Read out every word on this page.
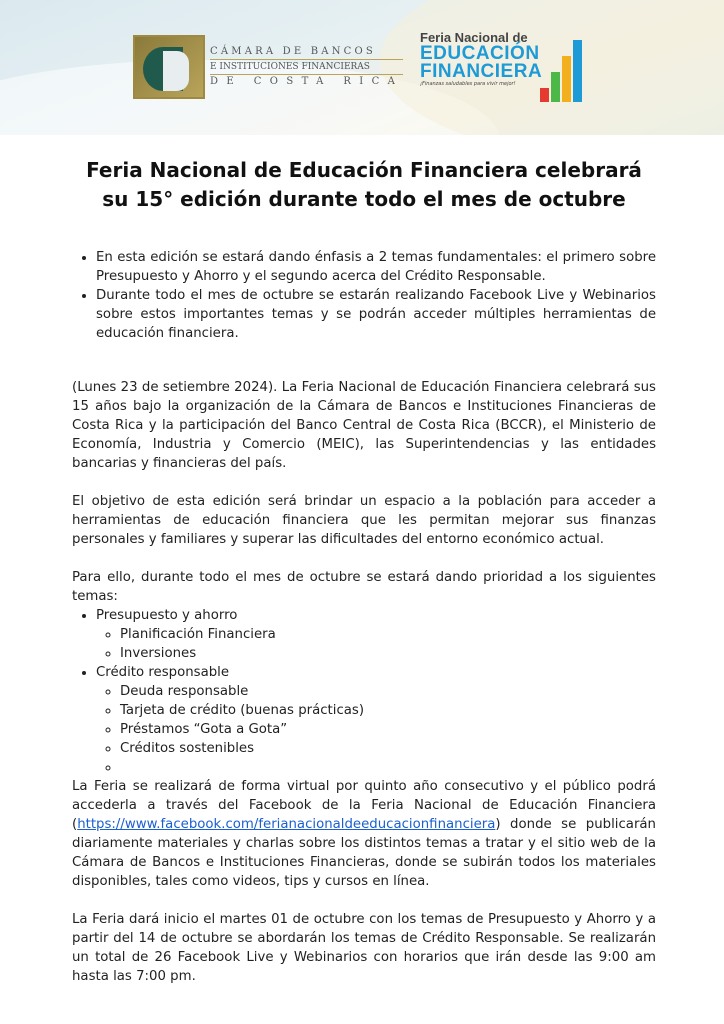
CÁMARA DE BANCOS
E INSTITUCIONES FINANCIERAS
DE COSTA RICA
Feria Nacional de
EDUCACIÓN
FINANCIERA
¡Finanzas saludables para vivir mejor!
Feria Nacional de Educación Financiera celebrará su 15° edición durante todo el mes de octubre
• En esta edición se estará dando énfasis a 2 temas fundamentales: el primero sobre Presupuesto y Ahorro y el segundo acerca del Crédito Responsable.
• Durante todo el mes de octubre se estarán realizando Facebook Live y Webinarios sobre estos importantes temas y se podrán acceder múltiples herramientas de educación financiera.

(Lunes 23 de setiembre 2024). La Feria Nacional de Educación Financiera celebrará sus 15 años bajo la organización de la Cámara de Bancos e Instituciones Financieras de Costa Rica y la participación del Banco Central de Costa Rica (BCCR), el Ministerio de Economía, Industria y Comercio (MEIC), las Superintendencias y las entidades bancarias y financieras del país.

El objetivo de esta edición será brindar un espacio a la población para acceder a herramientas de educación financiera que les permitan mejorar sus finanzas personales y familiares y superar las dificultades del entorno económico actual.

Para ello, durante todo el mes de octubre se estará dando prioridad a los siguientes temas:

• Presupuesto y ahorro
◦ Planificación Financiera
◦ Inversiones
• Crédito responsable
◦ Deuda responsable
◦ Tarjeta de crédito (buenas prácticas)
◦ Préstamos “Gota a Gota”
◦ Créditos sostenibles
◦

La Feria se realizará de forma virtual por quinto año consecutivo y el público podrá accederla a través del Facebook de la Feria Nacional de Educación Financiera (https://www.facebook.com/ferianacionaldeeducacionfinanciera) donde se publicarán diariamente materiales y charlas sobre los distintos temas a tratar y el sitio web de la Cámara de Bancos e Instituciones Financieras, donde se subirán todos los materiales disponibles, tales como videos, tips y cursos en línea.

La Feria dará inicio el martes 01 de octubre con los temas de Presupuesto y Ahorro y a partir del 14 de octubre se abordarán los temas de Crédito Responsable. Se realizarán un total de 26 Facebook Live y Webinarios con horarios que irán desde las 9:00 am hasta las 7:00 pm.
